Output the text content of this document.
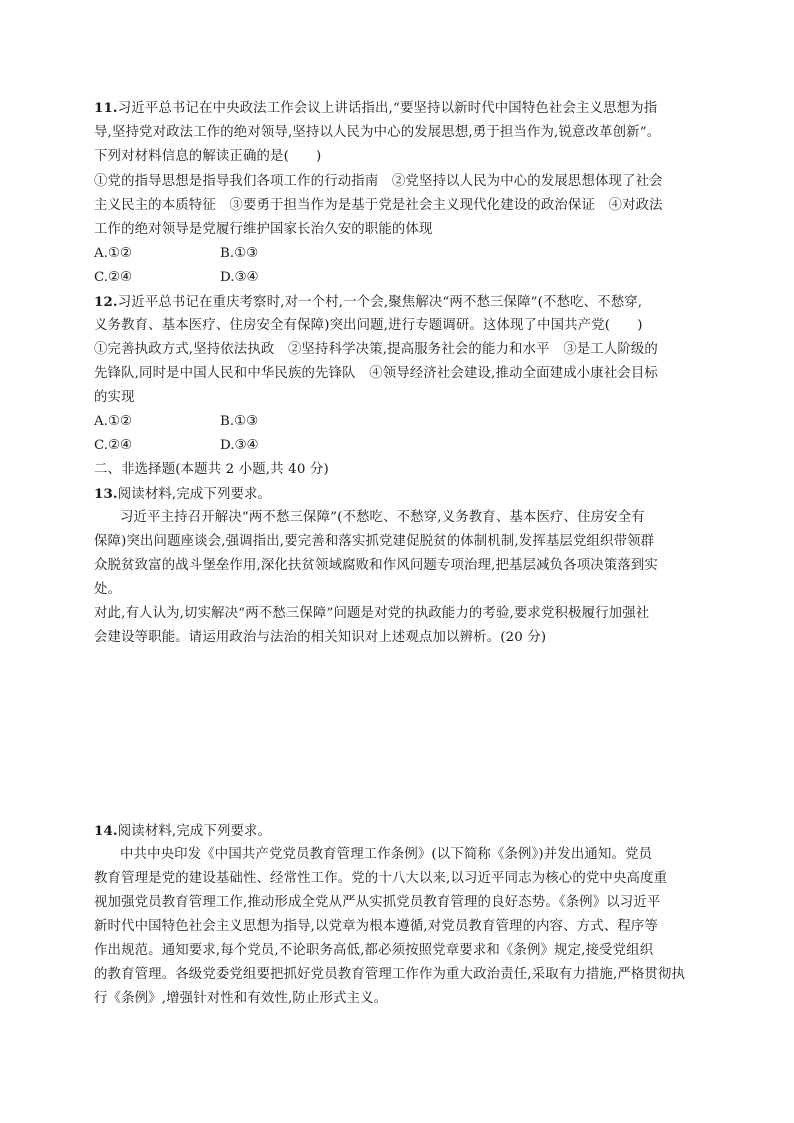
11.习近平总书记在中央政法工作会议上讲话指出,“要坚持以新时代中国特色社会主义思想为指
导,坚持党对政法工作的绝对领导,坚持以人民为中心的发展思想,勇于担当作为,锐意改革创新”。
下列对材料信息的解读正确的是(　　)
①党的指导思想是指导我们各项工作的行动指南　②党坚持以人民为中心的发展思想体现了社会
主义民主的本质特征　③要勇于担当作为是基于党是社会主义现代化建设的政治保证　④对政法
工作的绝对领导是党履行维护国家长治久安的职能的体现
A.①②	B.①③
C.②④	D.③④
12.习近平总书记在重庆考察时,对一个村,一个会,聚焦解决“两不愁三保障”(不愁吃、不愁穿,
义务教育、基本医疗、住房安全有保障)突出问题,进行专题调研。这体现了中国共产党(　　)
①完善执政方式,坚持依法执政　②坚持科学决策,提高服务社会的能力和水平　③是工人阶级的
先锋队,同时是中国人民和中华民族的先锋队　④领导经济社会建设,推动全面建成小康社会目标
的实现
A.①②	B.①③
C.②④	D.③④
二、非选择题(本题共 2 小题,共 40 分)
13.阅读材料,完成下列要求。
习近平主持召开解决“两不愁三保障”(不愁吃、不愁穿,义务教育、基本医疗、住房安全有
保障)突出问题座谈会,强调指出,要完善和落实抓党建促脱贫的体制机制,发挥基层党组织带领群
众脱贫致富的战斗堡垒作用,深化扶贫领域腐败和作风问题专项治理,把基层减负各项决策落到实
处。
对此,有人认为,切实解决“两不愁三保障”问题是对党的执政能力的考验,要求党积极履行加强社
会建设等职能。请运用政治与法治的相关知识对上述观点加以辨析。(20 分)
14.阅读材料,完成下列要求。
中共中央印发《中国共产党党员教育管理工作条例》(以下简称《条例》)并发出通知。党员
教育管理是党的建设基础性、经常性工作。党的十八大以来,以习近平同志为核心的党中央高度重
视加强党员教育管理工作,推动形成全党从严从实抓党员教育管理的良好态势。《条例》以习近平
新时代中国特色社会主义思想为指导,以党章为根本遵循,对党员教育管理的内容、方式、程序等
作出规范。通知要求,每个党员,不论职务高低,都必须按照党章要求和《条例》规定,接受党组织
的教育管理。各级党委党组要把抓好党员教育管理工作作为重大政治责任,采取有力措施,严格贯彻执
行《条例》,增强针对性和有效性,防止形式主义。
